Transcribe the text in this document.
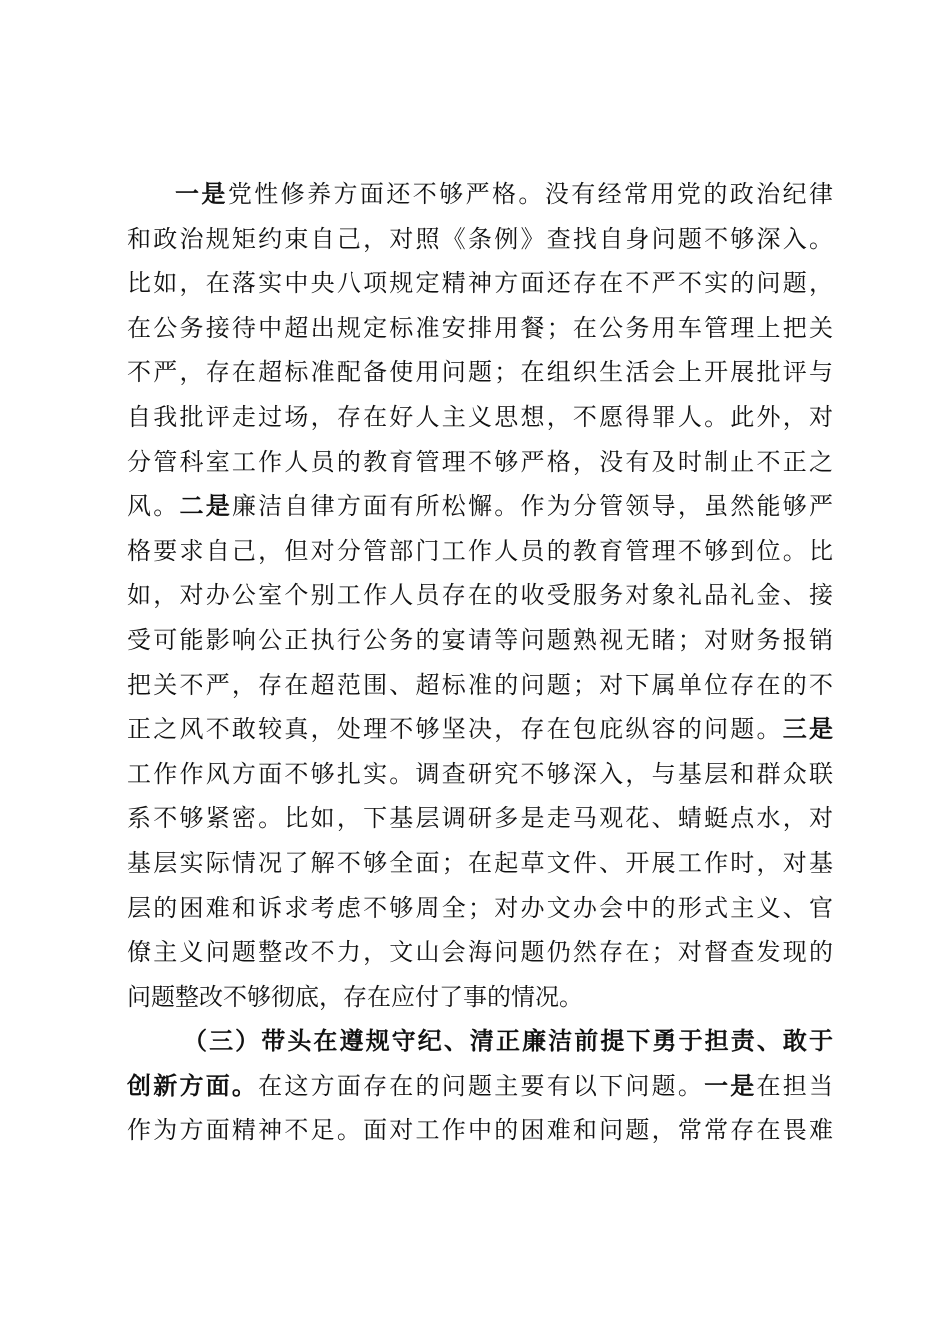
一是党性修养方面还不够严格。没有经常用党的政治纪律
和政治规矩约束自己，对照《条例》查找自身问题不够深入。
比如，在落实中央八项规定精神方面还存在不严不实的问题，
在公务接待中超出规定标准安排用餐；在公务用车管理上把关
不严，存在超标准配备使用问题；在组织生活会上开展批评与
自我批评走过场，存在好人主义思想，不愿得罪人。此外，对
分管科室工作人员的教育管理不够严格，没有及时制止不正之
风。二是廉洁自律方面有所松懈。作为分管领导，虽然能够严
格要求自己，但对分管部门工作人员的教育管理不够到位。比
如，对办公室个别工作人员存在的收受服务对象礼品礼金、接
受可能影响公正执行公务的宴请等问题熟视无睹；对财务报销
把关不严，存在超范围、超标准的问题；对下属单位存在的不
正之风不敢较真，处理不够坚决，存在包庇纵容的问题。三是
工作作风方面不够扎实。调查研究不够深入，与基层和群众联
系不够紧密。比如，下基层调研多是走马观花、蜻蜓点水，对
基层实际情况了解不够全面；在起草文件、开展工作时，对基
层的困难和诉求考虑不够周全；对办文办会中的形式主义、官
僚主义问题整改不力，文山会海问题仍然存在；对督查发现的
问题整改不够彻底，存在应付了事的情况。
（三）带头在遵规守纪、清正廉洁前提下勇于担责、敢于
创新方面。在这方面存在的问题主要有以下问题。一是在担当
作为方面精神不足。面对工作中的困难和问题，常常存在畏难
